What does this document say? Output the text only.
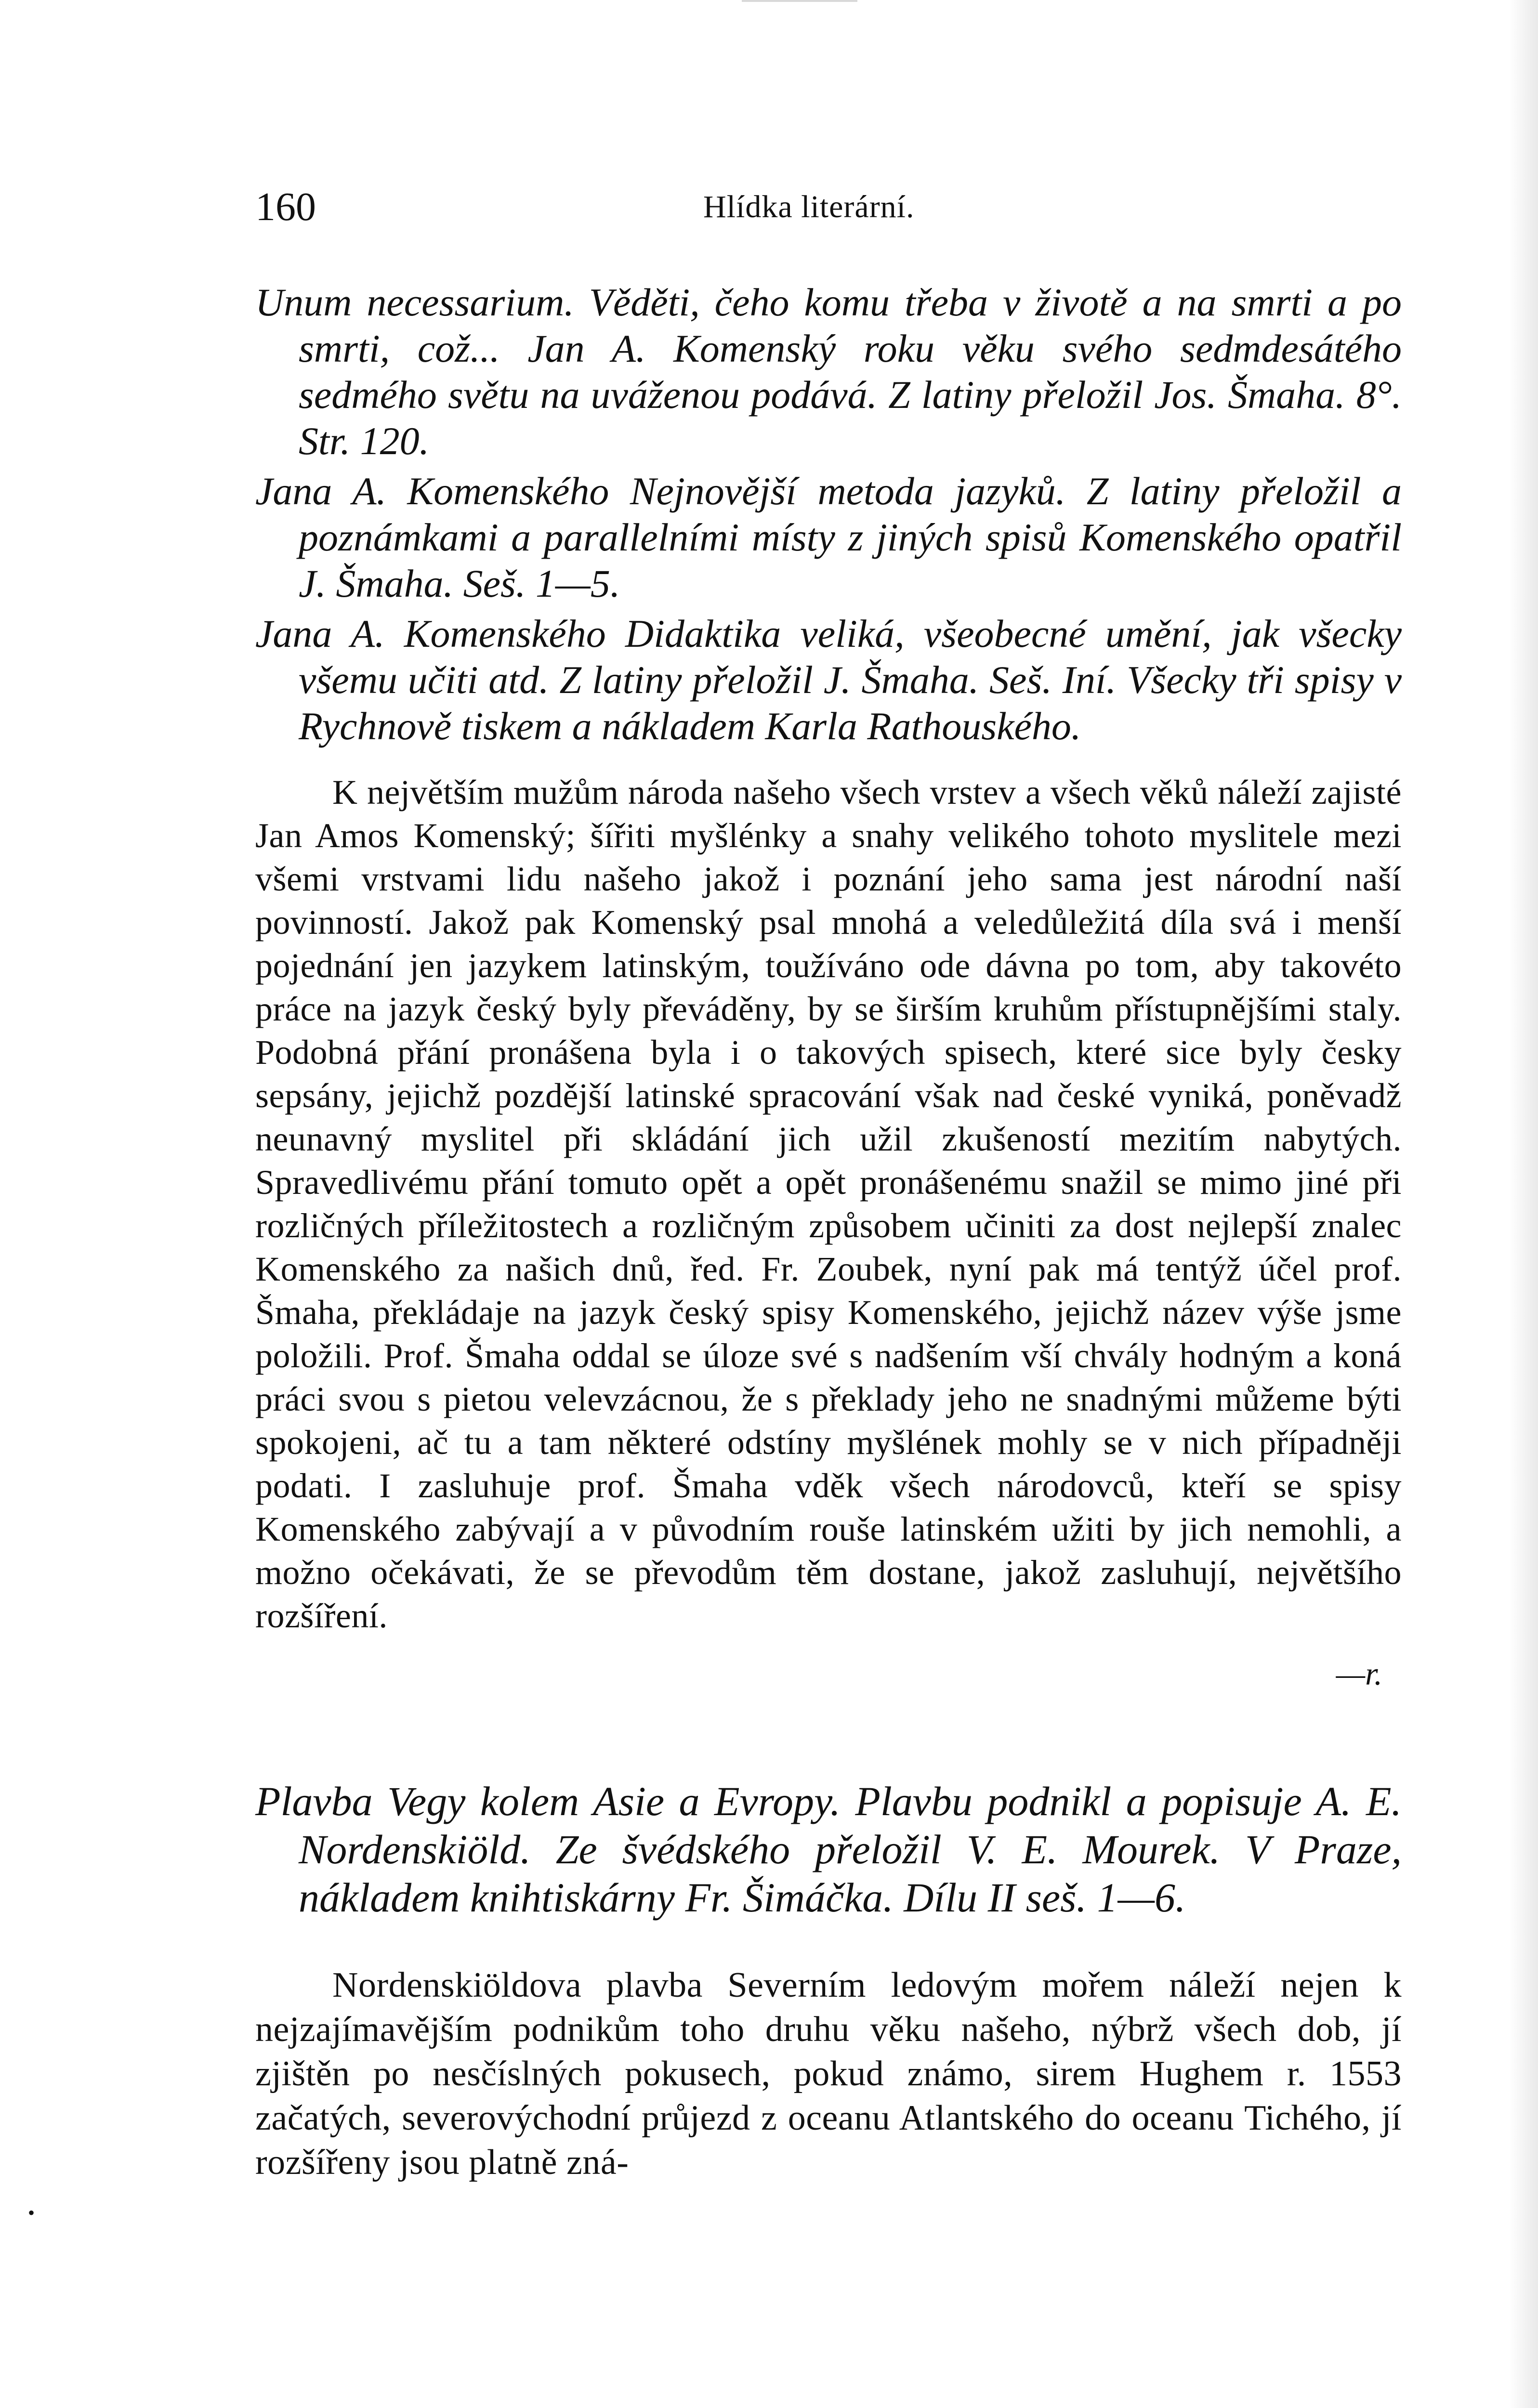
160	Hlídka literární.

Unum necessarium. Věděti, čeho komu třeba v životě a na smrti a po smrti, což... Jan A. Komenský roku věku svého sedmdesátého sedmého světu na uváženou podává. Z latiny přeložil Jos. Šmaha. 8°. Str. 120.

Jana A. Komenského Nejnovější metoda jazyků. Z latiny přeložil a poznámkami a parallelními místy z jiných spisů Komenského opatřil J. Šmaha. Seš. 1—5.

Jana A. Komenského Didaktika veliká, všeobecné umění, jak všecky všemu učiti atd. Z latiny přeložil J. Šmaha. Seš. Iní. Všecky tři spisy v Rychnově tiskem a nákladem Karla Rathouského.

K největším mužům národa našeho všech vrstev a všech věků náleží zajisté Jan Amos Komenský; šířiti myšlénky a snahy velikého tohoto myslitele mezi všemi vrstvami lidu našeho jakož i poznání jeho sama jest národní naší povinností. Jakož pak Komenský psal mnohá a veledůležitá díla svá i menší pojednání jen jazykem latinským, toužíváno ode dávna po tom, aby takovéto práce na jazyk český byly převáděny, by se širším kruhům přístupnějšími staly. Podobná přání pronášena byla i o takových spisech, které sice byly česky sepsány, jejichž pozdější latinské spracování však nad české vyniká, poněvadž neunavný myslitel při skládání jich užil zkušeností mezitím nabytých. Spravedlivému přání tomuto opět a opět pronášenému snažil se mimo jiné při rozličných příležitostech a rozličným způsobem učiniti za dost nejlepší znalec Komenského za našich dnů, řed. Fr. Zoubek, nyní pak má tentýž účel prof. Šmaha, překládaje na jazyk český spisy Komenského, jejichž název výše jsme položili. Prof. Šmaha oddal se úloze své s nadšením vší chvály hodným a koná práci svou s pietou velevzácnou, že s překlady jeho ne snadnými můžeme býti spokojeni, ač tu a tam některé odstíny myšlének mohly se v nich případněji podati. I zasluhuje prof. Šmaha vděk všech národovců, kteří se spisy Komenského zabývají a v původním rouše latinském užiti by jich nemohli, a možno očekávati, že se převodům těm dostane, jakož zasluhují, největšího rozšíření.

—r.

Plavba Vegy kolem Asie a Evropy. Plavbu podnikl a popisuje A. E. Nordenskiöld. Ze švédského přeložil V. E. Mourek. V Praze, nákladem knihtiskárny Fr. Šimáčka. Dílu II seš. 1—6.

Nordenskiöldova plavba Severním ledovým mořem náleží nejen k nejzajímavějším podnikům toho druhu věku našeho, nýbrž všech dob, jí zjištěn po nesčíslných pokusech, pokud známo, sirem Hughem r. 1553 začatých, severovýchodní průjezd z oceanu Atlantského do oceanu Tichého, jí rozšířeny jsou platně zná-

•
